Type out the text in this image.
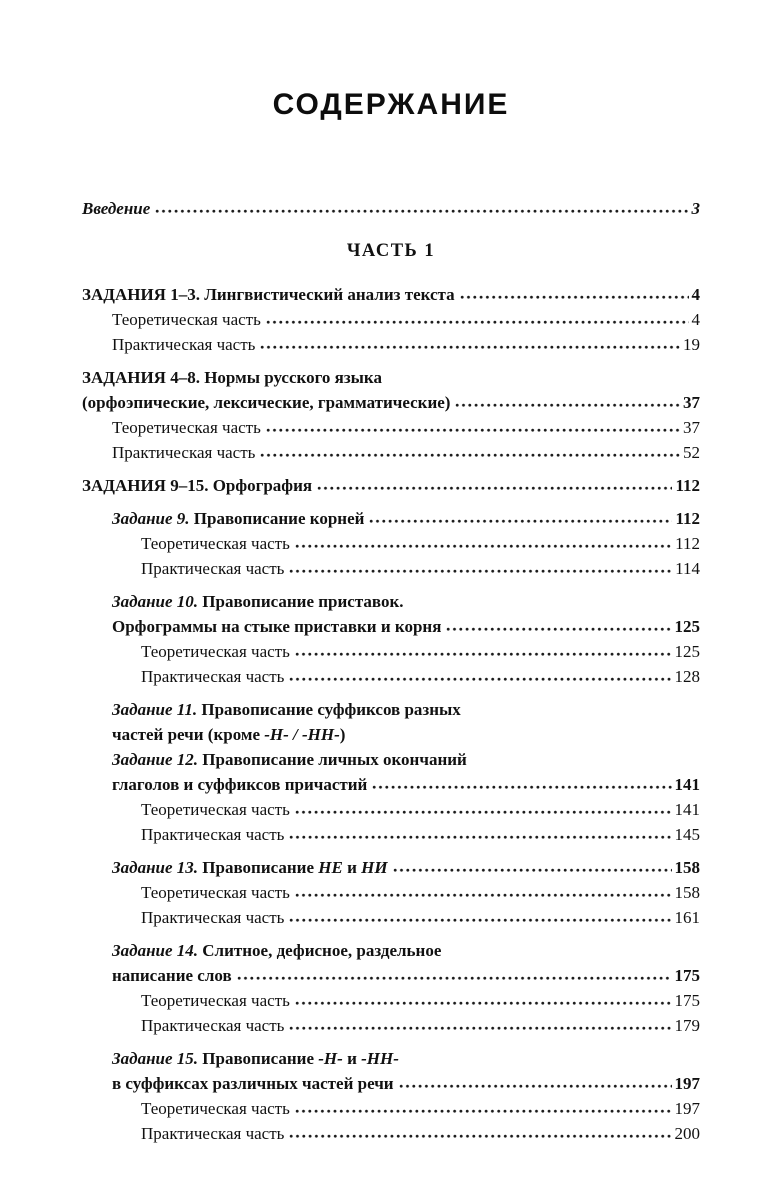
СОДЕРЖАНИЕ
Введение	3
ЧАСТЬ 1
ЗАДАНИЯ 1–3. Лингвистический анализ текста	4
Теоретическая часть	4
Практическая часть	19
ЗАДАНИЯ 4–8. Нормы русского языка
(орфоэпические, лексические, грамматические)	37
Теоретическая часть	37
Практическая часть	52
ЗАДАНИЯ 9–15. Орфография	112
Задание 9. Правописание корней	112
Теоретическая часть	112
Практическая часть	114
Задание 10. Правописание приставок.
Орфограммы на стыке приставки и корня	125
Теоретическая часть	125
Практическая часть	128
Задание 11. Правописание суффиксов разных
частей речи (кроме -Н- / -НН-)
Задание 12. Правописание личных окончаний
глаголов и суффиксов причастий	141
Теоретическая часть	141
Практическая часть	145
Задание 13. Правописание НЕ и НИ	158
Теоретическая часть	158
Практическая часть	161
Задание 14. Слитное, дефисное, раздельное
написание слов	175
Теоретическая часть	175
Практическая часть	179
Задание 15. Правописание -Н- и -НН-
в суффиксах различных частей речи	197
Теоретическая часть	197
Практическая часть	200
